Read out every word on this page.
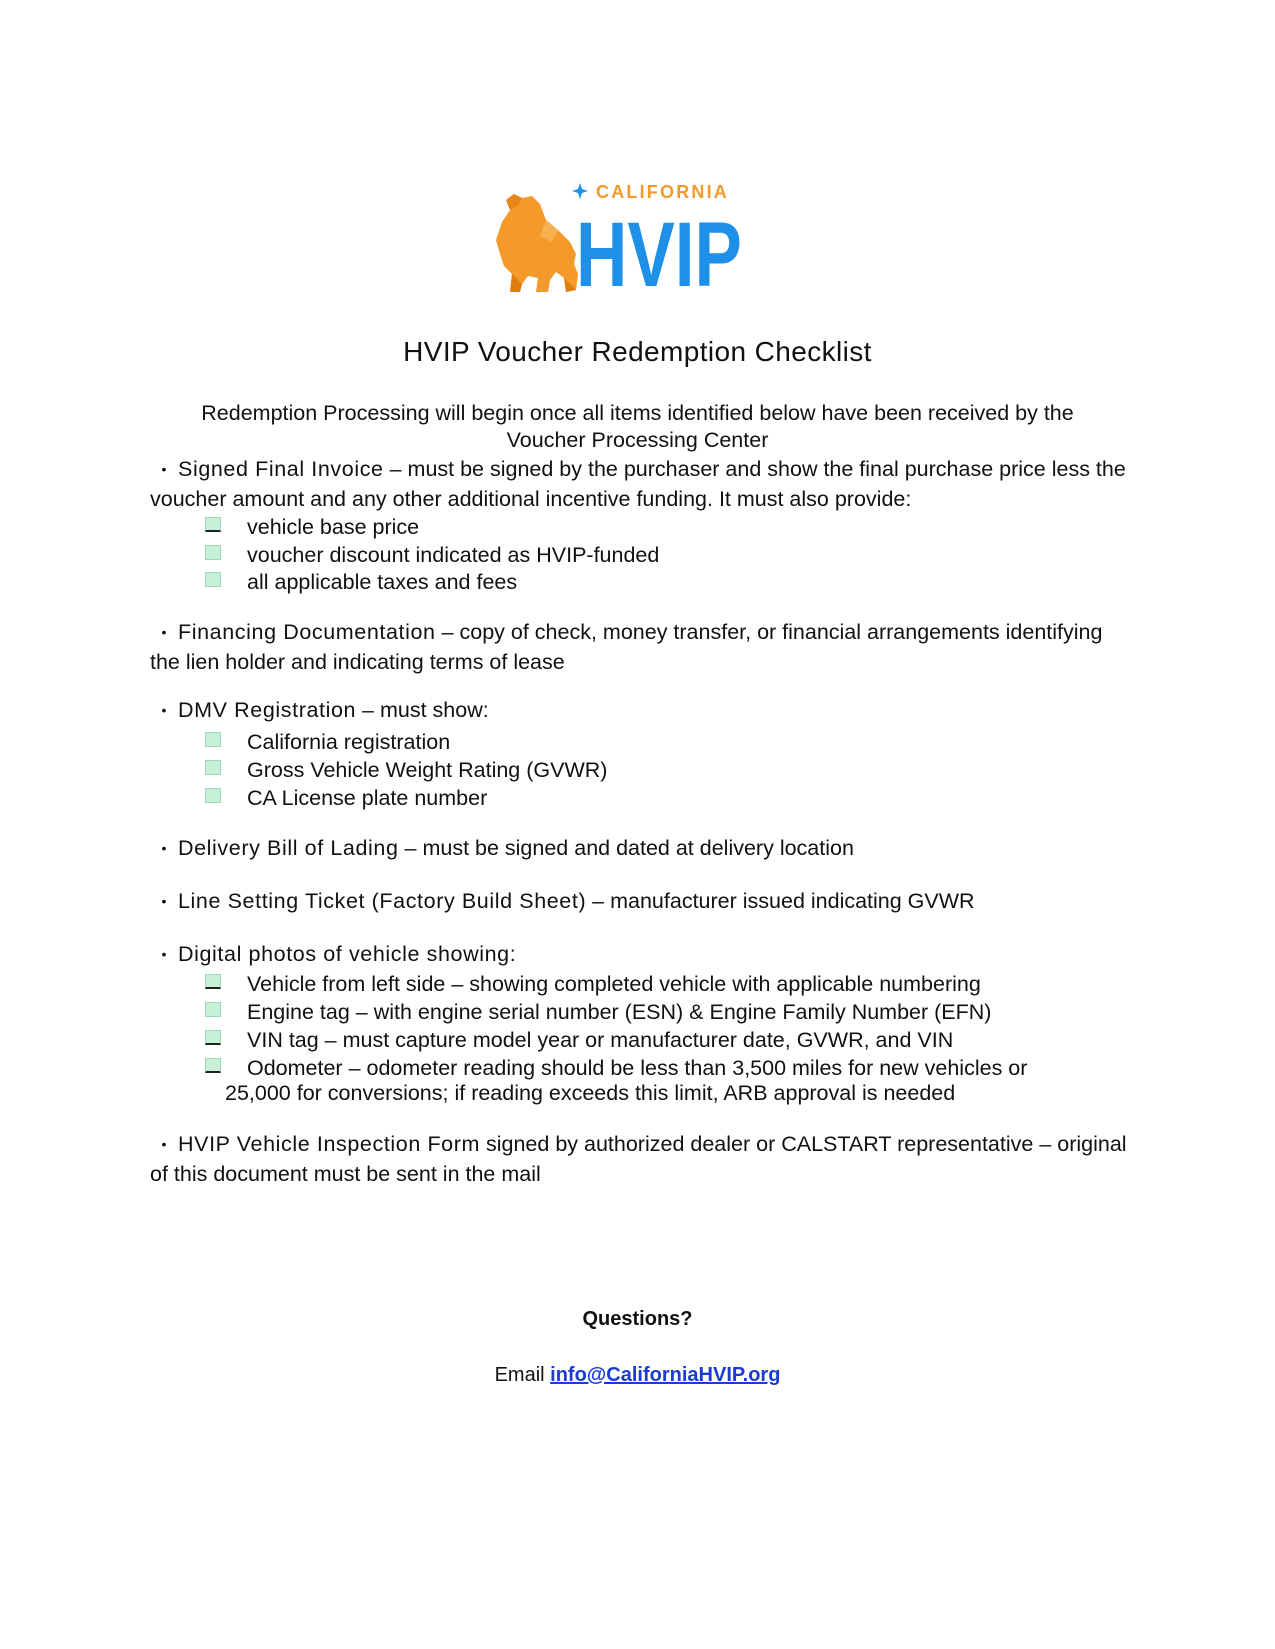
CALIFORNIA
HVIP
HVIP Voucher Redemption Checklist
Redemption Processing will begin once all items identified below have been received by the Voucher Processing Center
• Signed Final Invoice – must be signed by the purchaser and show the final purchase price less the voucher amount and any other additional incentive funding. It must also provide:
vehicle base price
voucher discount indicated as HVIP-funded
all applicable taxes and fees
• Financing Documentation – copy of check, money transfer, or financial arrangements identifying the lien holder and indicating terms of lease
• DMV Registration – must show:
California registration
Gross Vehicle Weight Rating (GVWR)
CA License plate number
• Delivery Bill of Lading – must be signed and dated at delivery location
• Line Setting Ticket (Factory Build Sheet) – manufacturer issued indicating GVWR
• Digital photos of vehicle showing:
Vehicle from left side – showing completed vehicle with applicable numbering
Engine tag – with engine serial number (ESN) & Engine Family Number (EFN)
VIN tag – must capture model year or manufacturer date, GVWR, and VIN
Odometer – odometer reading should be less than 3,500 miles for new vehicles or
25,000 for conversions; if reading exceeds this limit, ARB approval is needed
• HVIP Vehicle Inspection Form signed by authorized dealer or CALSTART representative – original of this document must be sent in the mail
Questions?
Email info@CaliforniaHVIP.org
